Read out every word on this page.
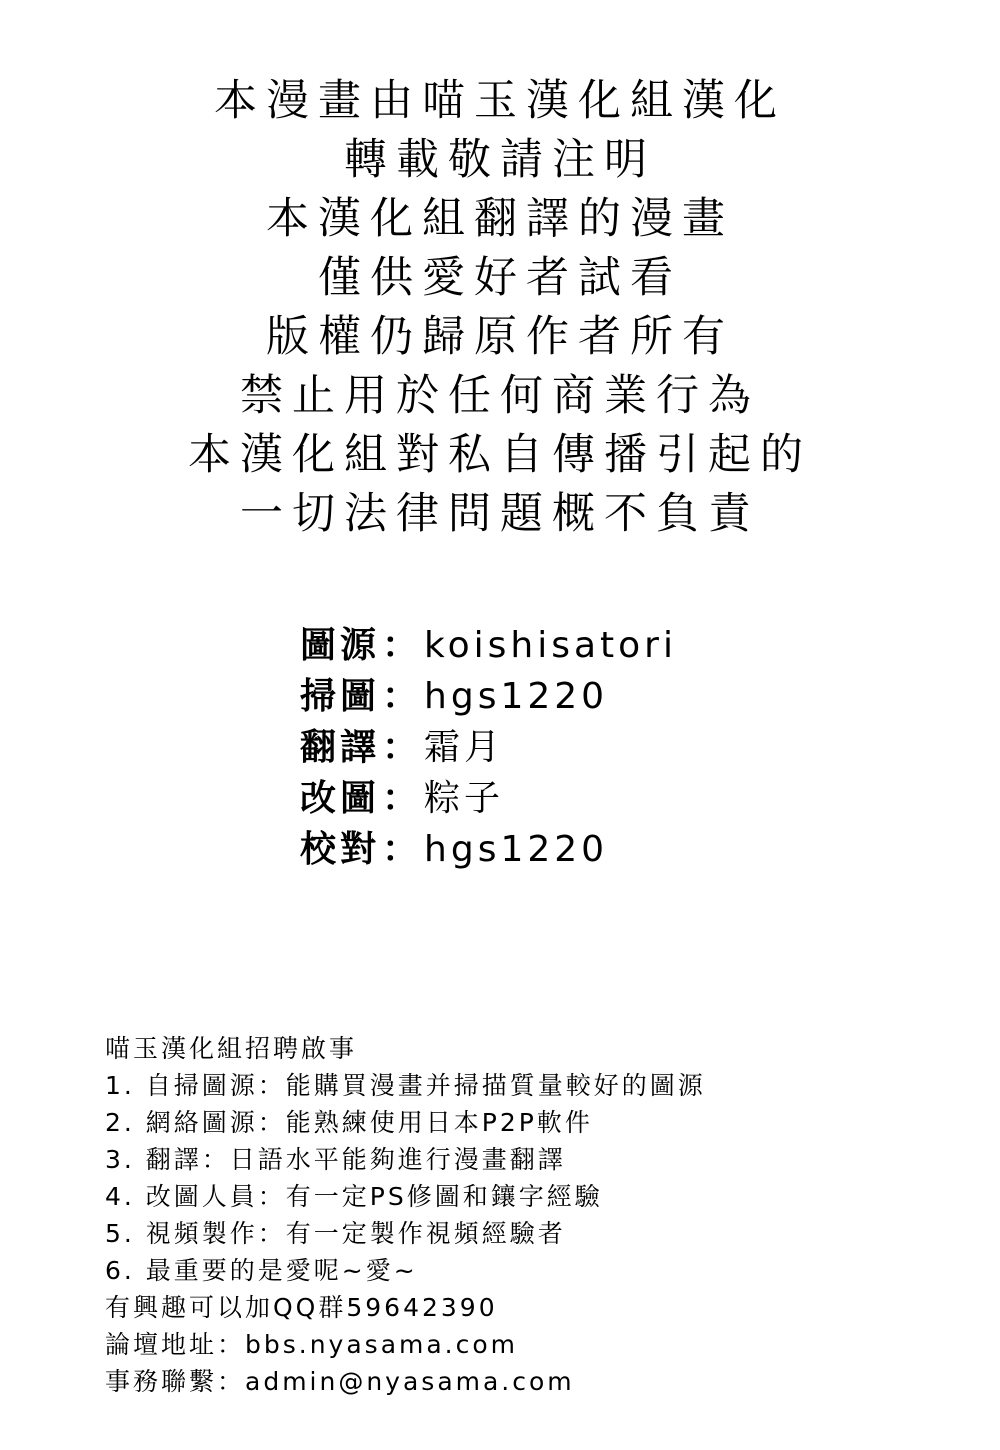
本漫畫由喵玉漢化組漢化
轉載敬請注明
本漢化組翻譯的漫畫
僅供愛好者試看
版權仍歸原作者所有
禁止用於任何商業行為
本漢化組對私自傳播引起的
一切法律問題概不負責
圖源： koishisatori
掃圖： hgs1220
翻譯： 霜月
改圖： 粽子
校對： hgs1220
喵玉漢化組招聘啟事
1. 自掃圖源：能購買漫畫并掃描質量較好的圖源
2. 網絡圖源：能熟練使用日本P2P軟件
3. 翻譯：日語水平能夠進行漫畫翻譯
4. 改圖人員：有一定PS修圖和鑲字經驗
5. 視頻製作：有一定製作視頻經驗者
6. 最重要的是愛呢~愛~
有興趣可以加QQ群59642390
論壇地址：bbs.nyasama.com
事務聯繫：admin@nyasama.com
